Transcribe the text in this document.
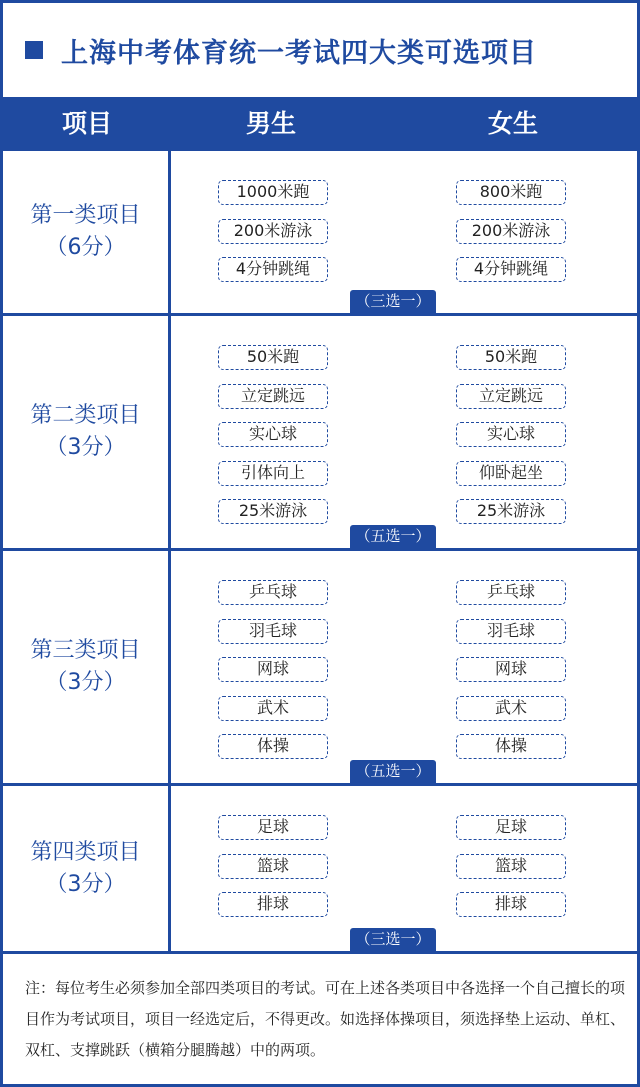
上海中考体育统一考试四大类可选项目
项目	男生	女生
第一类项目
（6分）
1000米跑
200米游泳
4分钟跳绳
800米跑
200米游泳
4分钟跳绳
（三选一）
第二类项目
（3分）
50米跑
立定跳远
实心球
引体向上
25米游泳
50米跑
立定跳远
实心球
仰卧起坐
25米游泳
（五选一）
第三类项目
（3分）
乒乓球
羽毛球
网球
武术
体操
乒乓球
羽毛球
网球
武术
体操
（五选一）
第四类项目
（3分）
足球
篮球
排球
足球
篮球
排球
（三选一）
注：每位考生必须参加全部四类项目的考试。可在上述各类项目中各选择一个自己擅长的项目作为考试项目，项目一经选定后，不得更改。如选择体操项目，须选择垫上运动、单杠、双杠、支撑跳跃（横箱分腿腾越）中的两项。
